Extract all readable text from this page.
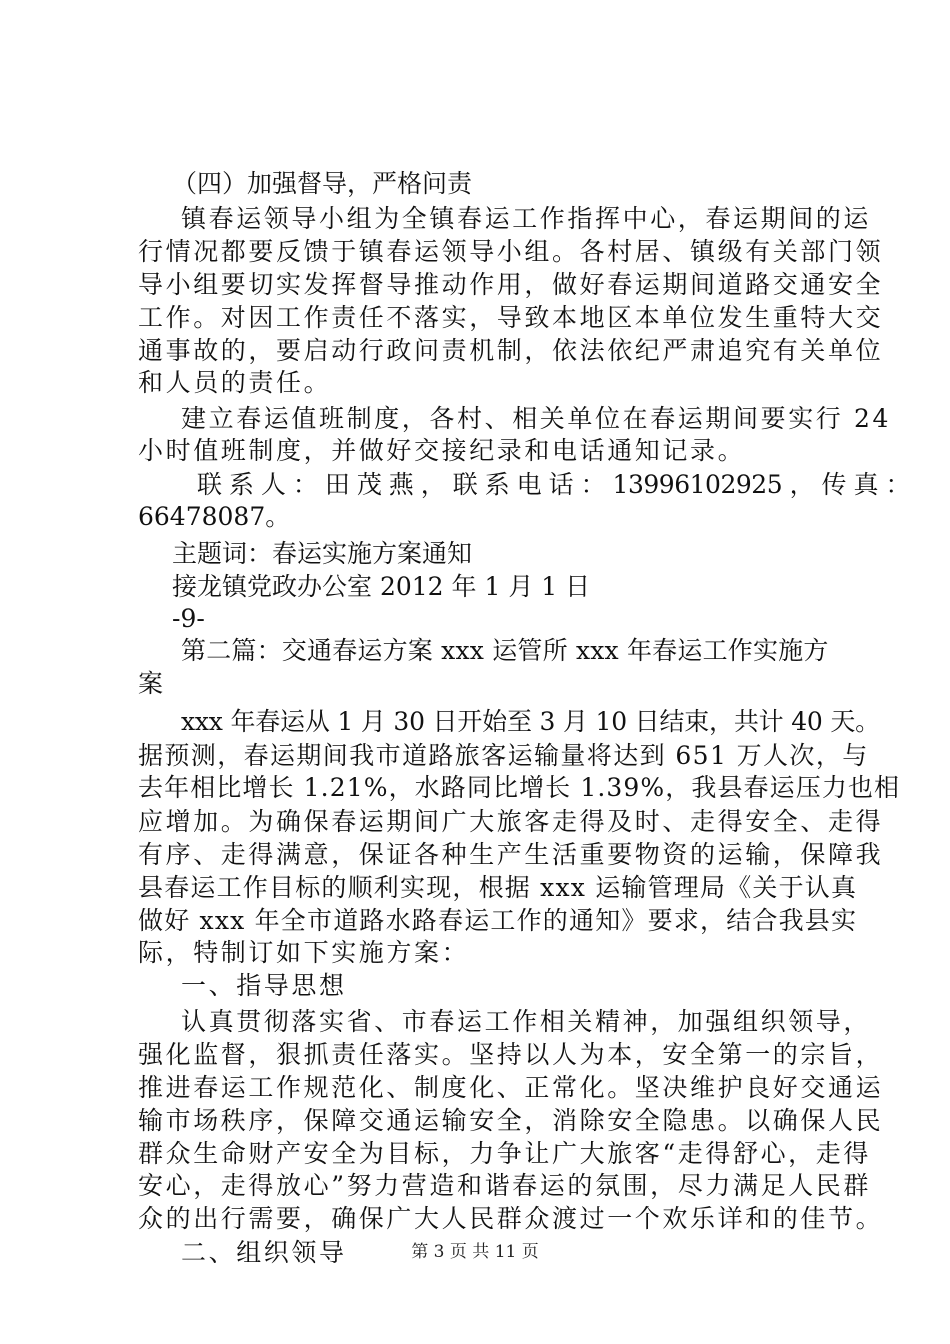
（四）加强督导，严格问责
镇春运领导小组为全镇春运工作指挥中心，春运期间的运
行情况都要反馈于镇春运领导小组。各村居、镇级有关部门领
导小组要切实发挥督导推动作用，做好春运期间道路交通安全
工作。对因工作责任不落实，导致本地区本单位发生重特大交
通事故的，要启动行政问责机制，依法依纪严肃追究有关单位
和人员的责任。
建立春运值班制度，各村、相关单位在春运期间要实行 24
小时值班制度，并做好交接纪录和电话通知记录。
联 系 人 ： 田 茂 燕 ， 联 系 电 话 ： 13996102925 ， 传 真 ：
66478087。
主题词：春运实施方案通知
接龙镇党政办公室 2012 年 1 月 1 日
-9-
第二篇：交通春运方案 xxx 运管所 xxx 年春运工作实施方
案
xxx 年春运从 1 月 30 日开始至 3 月 10 日结束，共计 40 天。
据预测，春运期间我市道路旅客运输量将达到 651 万人次，与
去年相比增长 1.21%，水路同比增长 1.39%，我县春运压力也相
应增加。为确保春运期间广大旅客走得及时、走得安全、走得
有序、走得满意，保证各种生产生活重要物资的运输，保障我
县春运工作目标的顺利实现，根据 xxx 运输管理局《关于认真
做好 xxx 年全市道路水路春运工作的通知》要求，结合我县实
际，特制订如下实施方案：
一、指导思想
认真贯彻落实省、市春运工作相关精神，加强组织领导，
强化监督，狠抓责任落实。坚持以人为本，安全第一的宗旨，
推进春运工作规范化、制度化、正常化。坚决维护良好交通运
输市场秩序，保障交通运输安全，消除安全隐患。以确保人民
群众生命财产安全为目标，力争让广大旅客“走得舒心，走得
安心，走得放心”努力营造和谐春运的氛围，尽力满足人民群
众的出行需要，确保广大人民群众渡过一个欢乐详和的佳节。
二、组织领导	第 3 页 共 11 页
